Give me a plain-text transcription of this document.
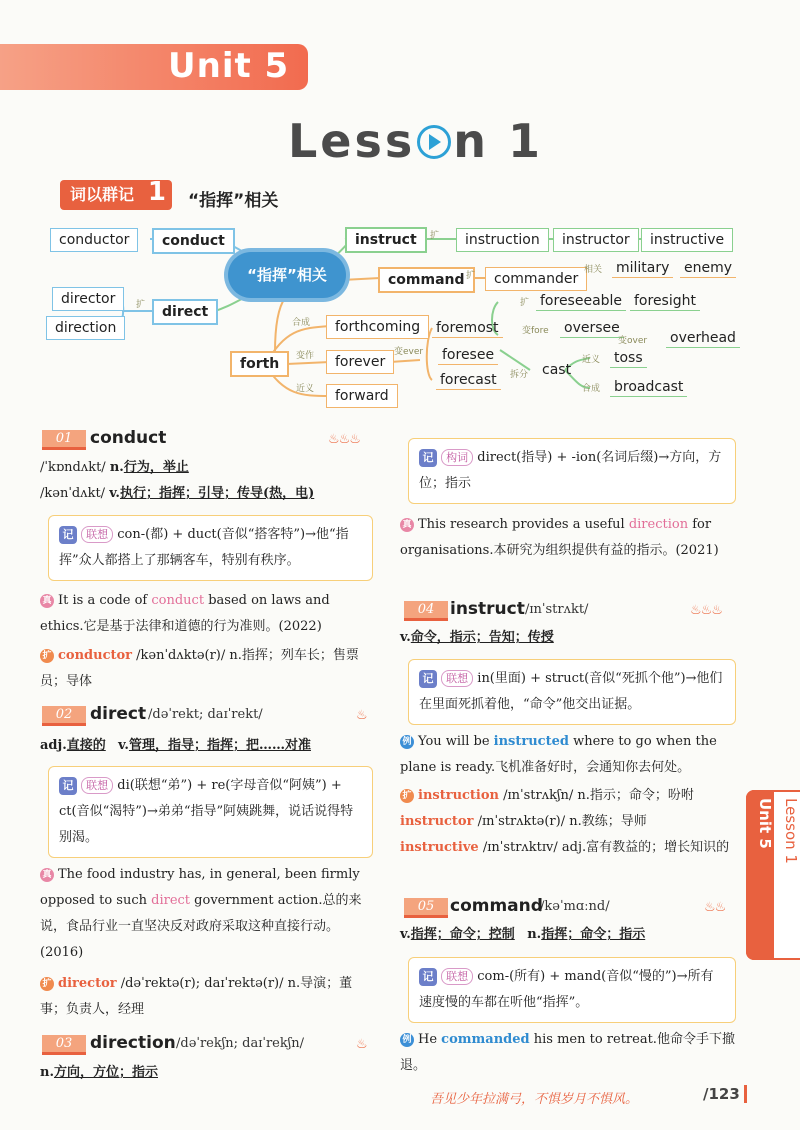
Unit 5
Less n 1
词以群记 1 “指挥”相关
“指挥”相关
conductor	conduct
director
direction
direct
扩
forth
合成
变作
近义
forthcoming
forever
forward
变ever
foremost
foresee
forecast
instruct	扩	instruction	instructor	instructive
command 扩	commander
相关 military enemy
扩 foreseeable foresight
变fore oversee
变over overhead
拆分 cast
近义 toss
合成 broadcast
01	conduct	♨♨♨
/ˈkɒndʌkt/ n.行为，举止
/kənˈdʌkt/ v.执行；指挥；引导；传导(热，电)
记 联想 con-(都) + duct(音似“搭客特”)→他“指挥”众人都搭上了那辆客车，特别有秩序。
真 It is a code of conduct based on laws and ethics.它是基于法律和道德的行为准则。(2022)
扩 conductor /kənˈdʌktə(r)/ n.指挥；列车长；售票员；导体
02	direct /dəˈrekt; daɪˈrekt/	♨
adj.直接的 v.管理，指导；指挥；把……对准
记 联想 di(联想“弟”) + re(字母音似“阿姨”) + ct(音似“渴特”)→弟弟“指导”阿姨跳舞，说话说得特别渴。
真 The food industry has, in general, been firmly opposed to such direct government action.总的来说，食品行业一直坚决反对政府采取这种直接行动。(2016)
扩 director /dəˈrektə(r); daɪˈrektə(r)/ n.导演；董事；负责人，经理
03	direction /dəˈrekʃn; daɪˈrekʃn/	♨
n.方向，方位；指示
记 构词 direct(指导) + -ion(名词后缀)→方向，方位；指示
真 This research provides a useful direction for organisations.本研究为组织提供有益的指示。(2021)
04 instruct /ɪnˈstrʌkt/	♨♨♨
v.命令，指示；告知；传授
记 联想 in(里面) + struct(音似“死抓个他”)→他们在里面死抓着他，“命令”他交出证据。
例 You will be instructed where to go when the plane is ready.飞机准备好时，会通知你去何处。
扩 instruction /ɪnˈstrʌkʃn/ n.指示；命令；吩咐
instructor /ɪnˈstrʌktə(r)/ n.教练；导师
instructive /ɪnˈstrʌktɪv/ adj.富有教益的；增长知识的
05 command
/kəˈmɑːnd/	♨♨
v.指挥；命令；控制 n.指挥；命令；指示
记 联想 com-(所有) + mand(音似“慢的”)→所有速度慢的车都在听他“指挥”。
例 He commanded his men to retreat.他命令手下撤退。
Unit 5 Lesson 1
吾见少年拉满弓，不惧岁月不惧风。	/123
